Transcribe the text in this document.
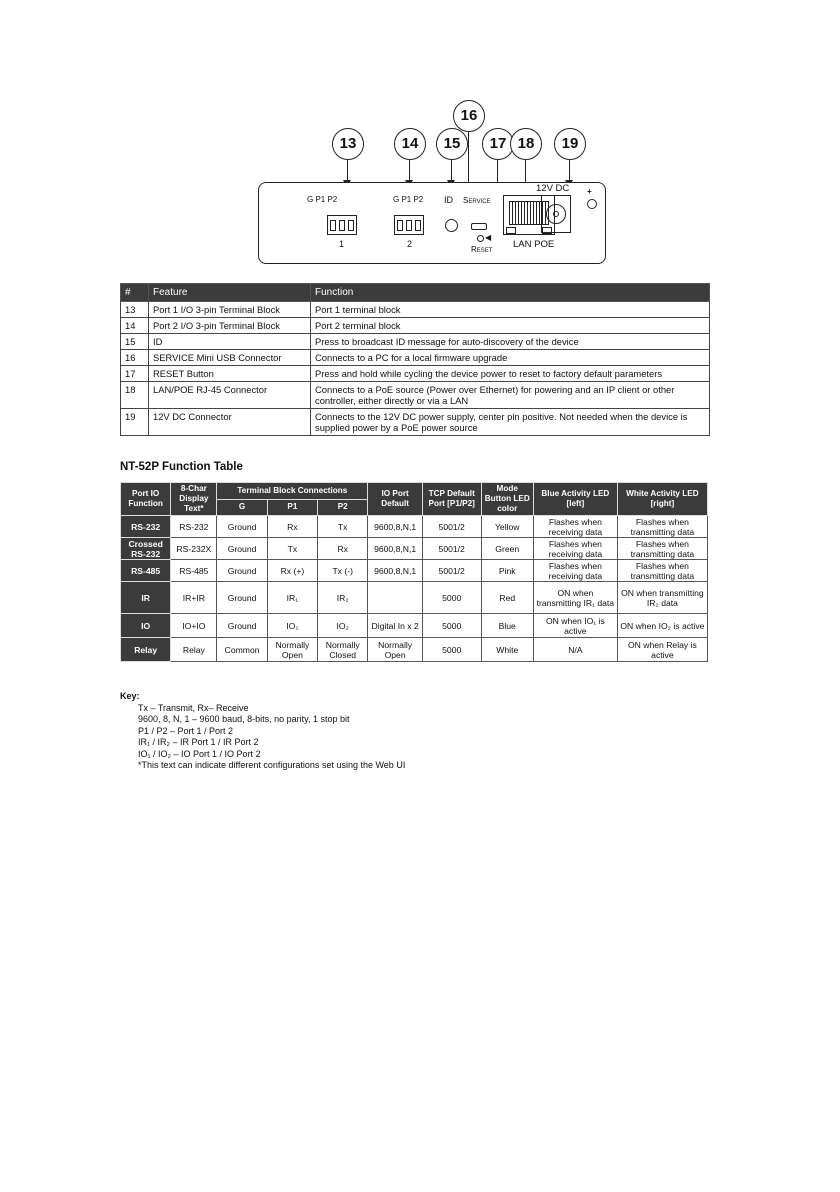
13	14	15
16
17 18	19
G P1 P2
1
G P1 P2
2
ID Service
◀
Reset LAN POE
12V DC +
#	Feature	Function
13	Port 1 I/O 3-pin Terminal Block	Port 1 terminal block
14	Port 2 I/O 3-pin Terminal Block	Port 2 terminal block
15	ID	Press to broadcast ID message for auto-discovery of the device
16	SERVICE Mini USB Connector	Connects to a PC for a local firmware upgrade
17	RESET Button	Press and hold while cycling the device power to reset to factory default parameters
18	LAN/POE RJ-45 Connector	Connects to a PoE source (Power over Ethernet) for powering and an IP client or other controller, either directly or via a LAN
19	12V DC Connector	Connects to the 12V DC power supply, center pin positive. Not needed when the device is supplied power by a PoE power source
NT-52P Function Table
Port IO Function	8-Char Display Text*	Terminal Block Connections			IO Port Default	TCP Default Port [P1/P2]	Mode Button LED color	Blue Activity LED [left]	White Activity LED [right]
		G	P1	P2					
RS-232	RS-232	Ground	Rx	Tx	9600,8,N,1	5001/2	Yellow	Flashes when receiving data	Flashes when transmitting data
Crossed RS-232	RS-232X	Ground	Tx	Rx	9600,8,N,1	5001/2	Green	Flashes when receiving data	Flashes when transmitting data
RS-485	RS-485	Ground	Rx (+)	Tx (-)	9600,8,N,1	5001/2	Pink	Flashes when receiving data	Flashes when transmitting data
IR	IR+IR	Ground	IR₁	IR₂		5000	Red	ON when transmitting IR₁ data	ON when transmitting IR₂ data
IO	IO+IO	Ground	IO₁	IO₂	Digital In x 2	5000	Blue	ON when IO₁ is active	ON when IO₂ is active
Relay	Relay	Common	Normally Open	Normally Closed	Normally Open	5000	White	N/A	ON when Relay is active
Key:
Tx – Transmit, Rx– Receive
9600, 8, N, 1 – 9600 baud, 8-bits, no parity, 1 stop bit
P1 / P2 – Port 1 / Port 2
IR₁ / IR₂ – IR Port 1 / IR Port 2
IO₁ / IO₂ – IO Port 1 / IO Port 2
*This text can indicate different configurations set using the Web UI
